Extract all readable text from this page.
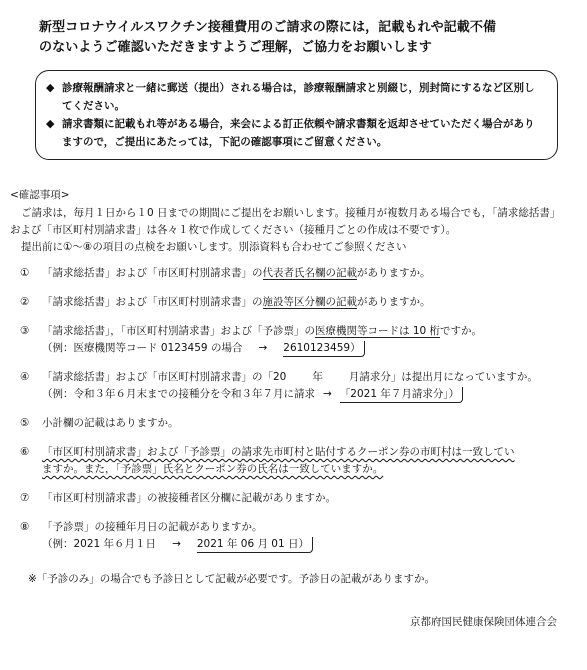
新型コロナウイルスワクチン接種費用のご請求の際には，記載もれや記載不備
のないようご確認いただきますようご理解，ご協力をお願いします
◆ 診療報酬請求と一緒に郵送（提出）される場合は，診療報酬請求と別綴じ，別封筒にするなど区別してください。
◆ 請求書類に記載もれ等がある場合，来会による訂正依頼や請求書類を返却させていただく場合がありますので，ご提出にあたっては，下記の確認事項にご留意ください。
<確認事項>
ご請求は，毎月１日から１0 日までの期間にご提出をお願いします。接種月が複数月ある場合でも，「請求総括書」および「市区町村別請求書」は各々１枚で作成してください（接種月ごとの作成は不要です）。
提出前に①～⑧の項目の点検をお願いします。別添資料も合わせてご参照ください
①	「請求総括書」および「市区町村別請求書」の代表者氏名欄の記載がありますか。
②	「請求総括書」および「市区町村別請求書」の施設等区分欄の記載がありますか。
③	「請求総括書」，「市区町村別請求書」および「予診票」の医療機関等コードは 10 桁ですか。
（例：医療機関等コード 0123459 の場合 → 2610123459）
④	「請求総括書」および「市区町村別請求書」の「20 年 月請求分」は提出月になっていますか。
（例：令和３年６月末までの接種分を令和３年７月に請求 → 「2021 年７月請求分」）
⑤	小計欄の記載はありますか。
⑥	「市区町村別請求書」および「予診票」の請求先市町村と貼付するクーポン券の市町村は一致してい
ますか。また，「予診票」氏名とクーポン券の氏名は一致していますか。
⑦	「市区町村別請求書」の被接種者区分欄に記載がありますか。
⑧	「予診票」の接種年月日の記載がありますか。
（例：2021 年６月１日 → 2021 年 06 月 01 日）
※「予診のみ」の場合でも予診日として記載が必要です。予診日の記載がありますか。
京都府国民健康保険団体連合会
